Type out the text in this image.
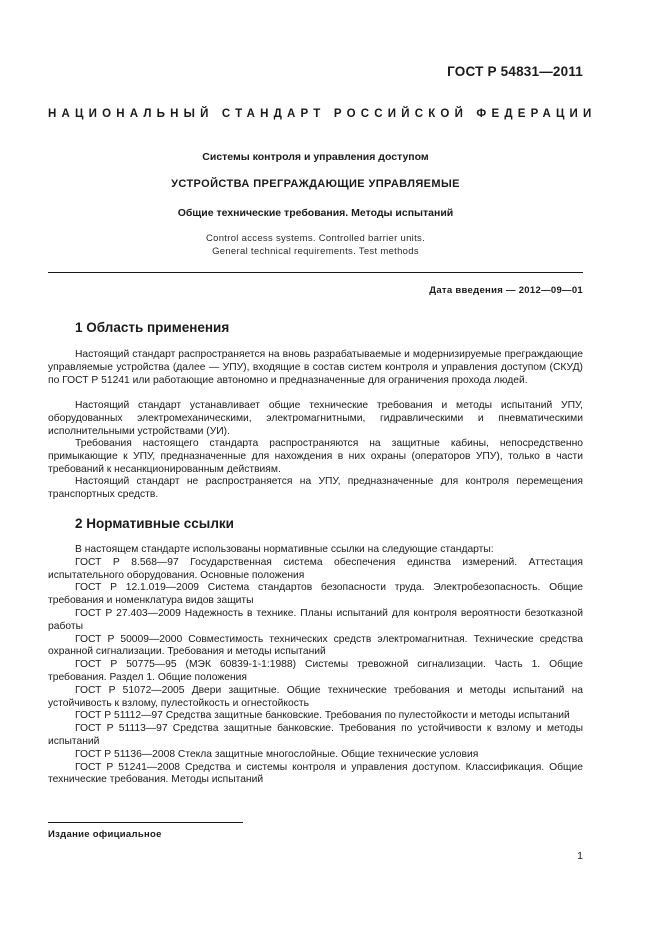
ГОСТ Р 54831—2011
НАЦИОНАЛЬНЫЙ СТАНДАРТ РОССИЙСКОЙ ФЕДЕРАЦИИ
Системы контроля и управления доступом
УСТРОЙСТВА ПРЕГРАЖДАЮЩИЕ УПРАВЛЯЕМЫЕ
Общие технические требования. Методы испытаний
Control access systems. Controlled barrier units.
General technical requirements. Test methods
Дата введения — 2012—09—01
1 Область применения

Настоящий стандарт распространяется на вновь разрабатываемые и модернизируемые преграждающие управляемые устройства (далее — УПУ), входящие в состав систем контроля и управления доступом (СКУД) по ГОСТ Р 51241 или работающие автономно и предназначенные для ограничения прохода людей.

Настоящий стандарт устанавливает общие технические требования и методы испытаний УПУ, оборудованных электромеханическими, электромагнитными, гидравлическими и пневматическими исполнительными устройствами (УИ).

Требования настоящего стандарта распространяются на защитные кабины, непосредственно примыкающие к УПУ, предназначенные для нахождения в них охраны (операторов УПУ), только в части требований к несанкционированным действиям.

Настоящий стандарт не распространяется на УПУ, предназначенные для контроля перемещения транспортных средств.

2 Нормативные ссылки

В настоящем стандарте использованы нормативные ссылки на следующие стандарты:

ГОСТ Р 8.568—97 Государственная система обеспечения единства измерений. Аттестация испытательного оборудования. Основные положения

ГОСТ Р 12.1.019—2009 Система стандартов безопасности труда. Электробезопасность. Общие требования и номенклатура видов защиты

ГОСТ Р 27.403—2009 Надежность в технике. Планы испытаний для контроля вероятности безотказной работы

ГОСТ Р 50009—2000 Совместимость технических средств электромагнитная. Технические средства охранной сигнализации. Требования и методы испытаний

ГОСТ Р 50775—95 (МЭК 60839-1-1:1988) Системы тревожной сигнализации. Часть 1. Общие требования. Раздел 1. Общие положения

ГОСТ Р 51072—2005 Двери защитные. Общие технические требования и методы испытаний на устойчивость к взлому, пулестойкость и огнестойкость

ГОСТ Р 51112—97 Средства защитные банковские. Требования по пулестойкости и методы испытаний

ГОСТ Р 51113—97 Средства защитные банковские. Требования по устойчивости к взлому и методы испытаний

ГОСТ Р 51136—2008 Стекла защитные многослойные. Общие технические условия

ГОСТ Р 51241—2008 Средства и системы контроля и управления доступом. Классификация. Общие технические требования. Методы испытаний

Издание официальное
1
